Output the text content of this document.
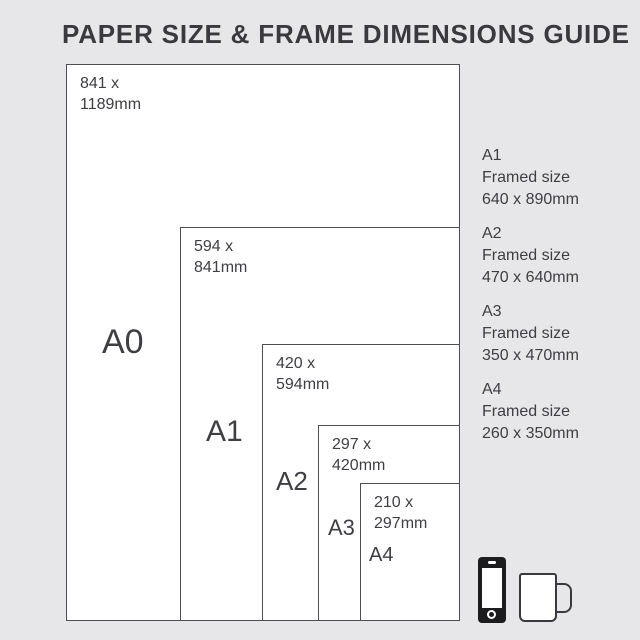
PAPER SIZE & FRAME DIMENSIONS GUIDE
841 x
1189mm
594 x
841mm
420 x
594mm
297 x
420mm
210 x
297mm
A0
A1
A2
A3
A4
A1
Framed size
640 x 890mm
A2
Framed size
470 x 640mm
A3
Framed size
350 x 470mm
A4
Framed size
260 x 350mm
